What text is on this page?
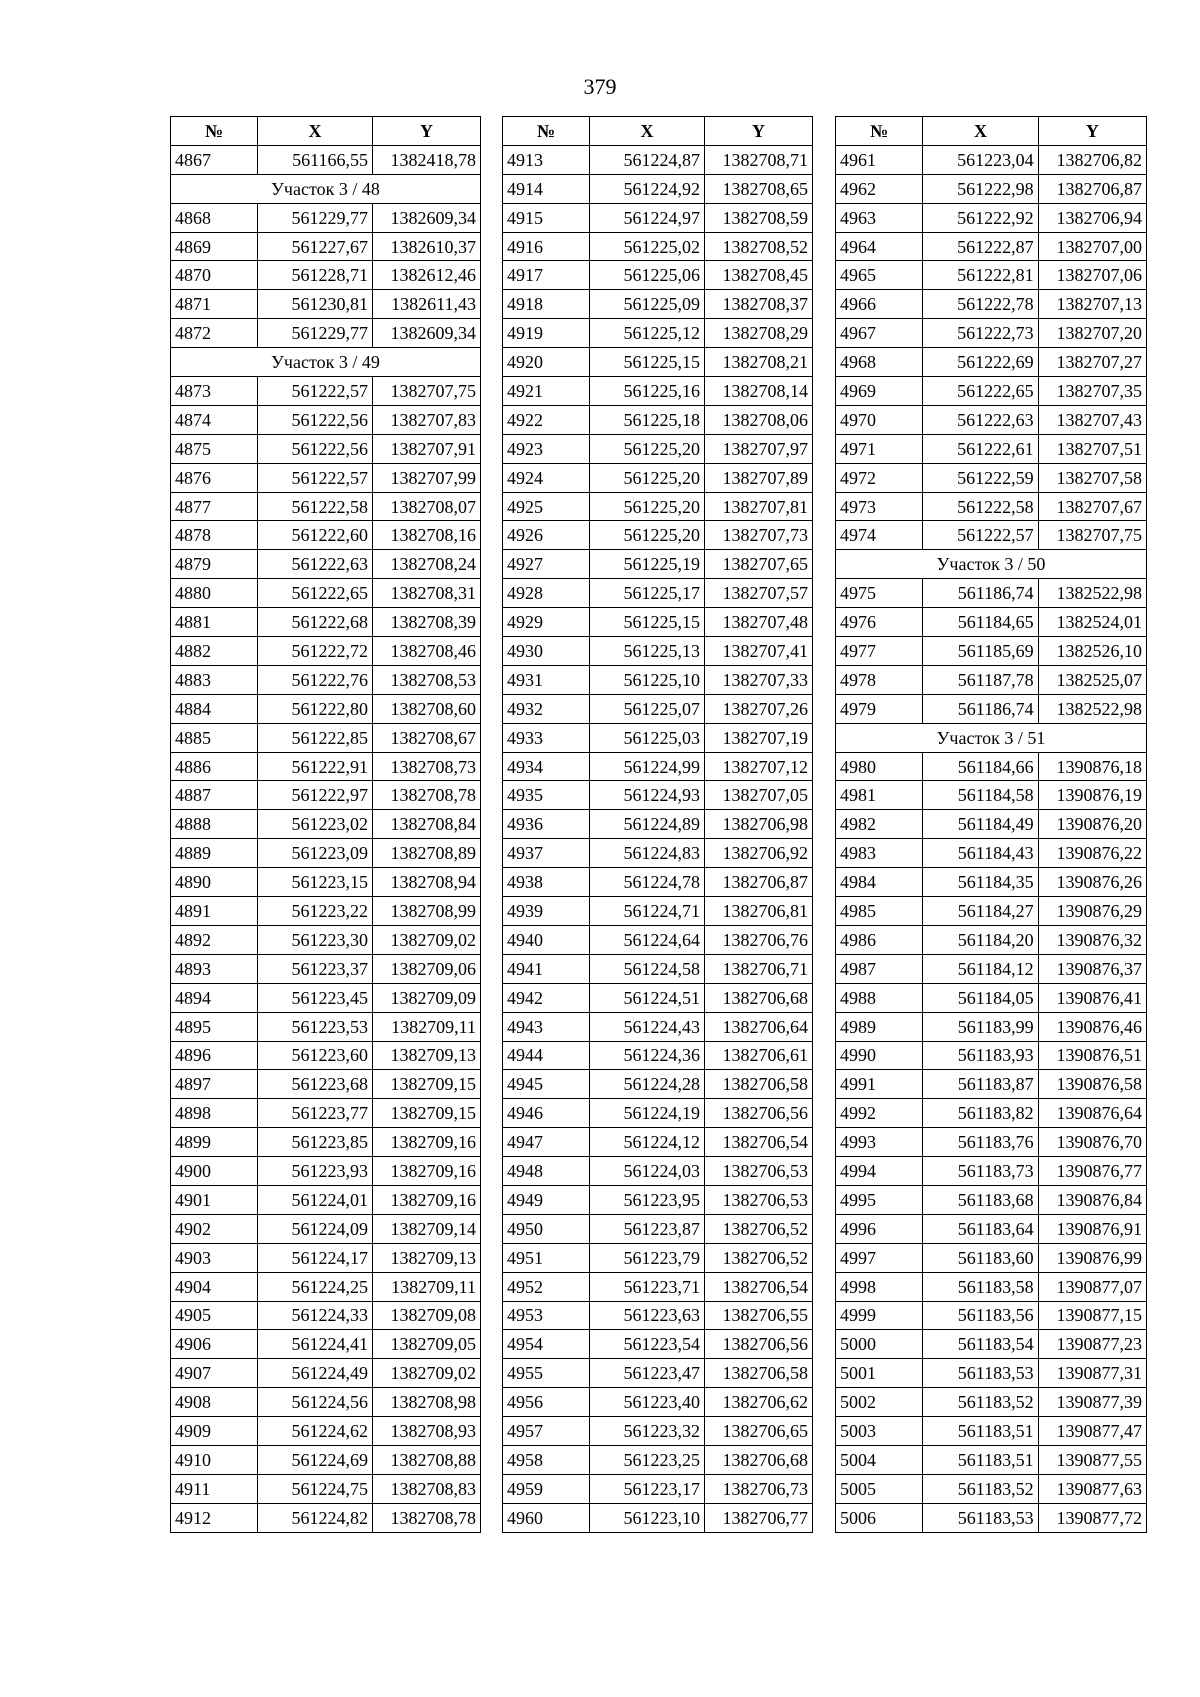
379
№	X	Y
4867	561166,55	1382418,78
Участок 3 / 48		
4868	561229,77	1382609,34
4869	561227,67	1382610,37
4870	561228,71	1382612,46
4871	561230,81	1382611,43
4872	561229,77	1382609,34
Участок 3 / 49		
4873	561222,57	1382707,75
4874	561222,56	1382707,83
4875	561222,56	1382707,91
4876	561222,57	1382707,99
4877	561222,58	1382708,07
4878	561222,60	1382708,16
4879	561222,63	1382708,24
4880	561222,65	1382708,31
4881	561222,68	1382708,39
4882	561222,72	1382708,46
4883	561222,76	1382708,53
4884	561222,80	1382708,60
4885	561222,85	1382708,67
4886	561222,91	1382708,73
4887	561222,97	1382708,78
4888	561223,02	1382708,84
4889	561223,09	1382708,89
4890	561223,15	1382708,94
4891	561223,22	1382708,99
4892	561223,30	1382709,02
4893	561223,37	1382709,06
4894	561223,45	1382709,09
4895	561223,53	1382709,11
4896	561223,60	1382709,13
4897	561223,68	1382709,15
4898	561223,77	1382709,15
4899	561223,85	1382709,16
4900	561223,93	1382709,16
4901	561224,01	1382709,16
4902	561224,09	1382709,14
4903	561224,17	1382709,13
4904	561224,25	1382709,11
4905	561224,33	1382709,08
4906	561224,41	1382709,05
4907	561224,49	1382709,02
4908	561224,56	1382708,98
4909	561224,62	1382708,93
4910	561224,69	1382708,88
4911	561224,75	1382708,83
4912	561224,82	1382708,78
№	X	Y
4913	561224,87	1382708,71
4914	561224,92	1382708,65
4915	561224,97	1382708,59
4916	561225,02	1382708,52
4917	561225,06	1382708,45
4918	561225,09	1382708,37
4919	561225,12	1382708,29
4920	561225,15	1382708,21
4921	561225,16	1382708,14
4922	561225,18	1382708,06
4923	561225,20	1382707,97
4924	561225,20	1382707,89
4925	561225,20	1382707,81
4926	561225,20	1382707,73
4927	561225,19	1382707,65
4928	561225,17	1382707,57
4929	561225,15	1382707,48
4930	561225,13	1382707,41
4931	561225,10	1382707,33
4932	561225,07	1382707,26
4933	561225,03	1382707,19
4934	561224,99	1382707,12
4935	561224,93	1382707,05
4936	561224,89	1382706,98
4937	561224,83	1382706,92
4938	561224,78	1382706,87
4939	561224,71	1382706,81
4940	561224,64	1382706,76
4941	561224,58	1382706,71
4942	561224,51	1382706,68
4943	561224,43	1382706,64
4944	561224,36	1382706,61
4945	561224,28	1382706,58
4946	561224,19	1382706,56
4947	561224,12	1382706,54
4948	561224,03	1382706,53
4949	561223,95	1382706,53
4950	561223,87	1382706,52
4951	561223,79	1382706,52
4952	561223,71	1382706,54
4953	561223,63	1382706,55
4954	561223,54	1382706,56
4955	561223,47	1382706,58
4956	561223,40	1382706,62
4957	561223,32	1382706,65
4958	561223,25	1382706,68
4959	561223,17	1382706,73
4960	561223,10	1382706,77
№	X	Y
4961	561223,04	1382706,82
4962	561222,98	1382706,87
4963	561222,92	1382706,94
4964	561222,87	1382707,00
4965	561222,81	1382707,06
4966	561222,78	1382707,13
4967	561222,73	1382707,20
4968	561222,69	1382707,27
4969	561222,65	1382707,35
4970	561222,63	1382707,43
4971	561222,61	1382707,51
4972	561222,59	1382707,58
4973	561222,58	1382707,67
4974	561222,57	1382707,75
Участок 3 / 50		
4975	561186,74	1382522,98
4976	561184,65	1382524,01
4977	561185,69	1382526,10
4978	561187,78	1382525,07
4979	561186,74	1382522,98
Участок 3 / 51		
4980	561184,66	1390876,18
4981	561184,58	1390876,19
4982	561184,49	1390876,20
4983	561184,43	1390876,22
4984	561184,35	1390876,26
4985	561184,27	1390876,29
4986	561184,20	1390876,32
4987	561184,12	1390876,37
4988	561184,05	1390876,41
4989	561183,99	1390876,46
4990	561183,93	1390876,51
4991	561183,87	1390876,58
4992	561183,82	1390876,64
4993	561183,76	1390876,70
4994	561183,73	1390876,77
4995	561183,68	1390876,84
4996	561183,64	1390876,91
4997	561183,60	1390876,99
4998	561183,58	1390877,07
4999	561183,56	1390877,15
5000	561183,54	1390877,23
5001	561183,53	1390877,31
5002	561183,52	1390877,39
5003	561183,51	1390877,47
5004	561183,51	1390877,55
5005	561183,52	1390877,63
5006	561183,53	1390877,72
